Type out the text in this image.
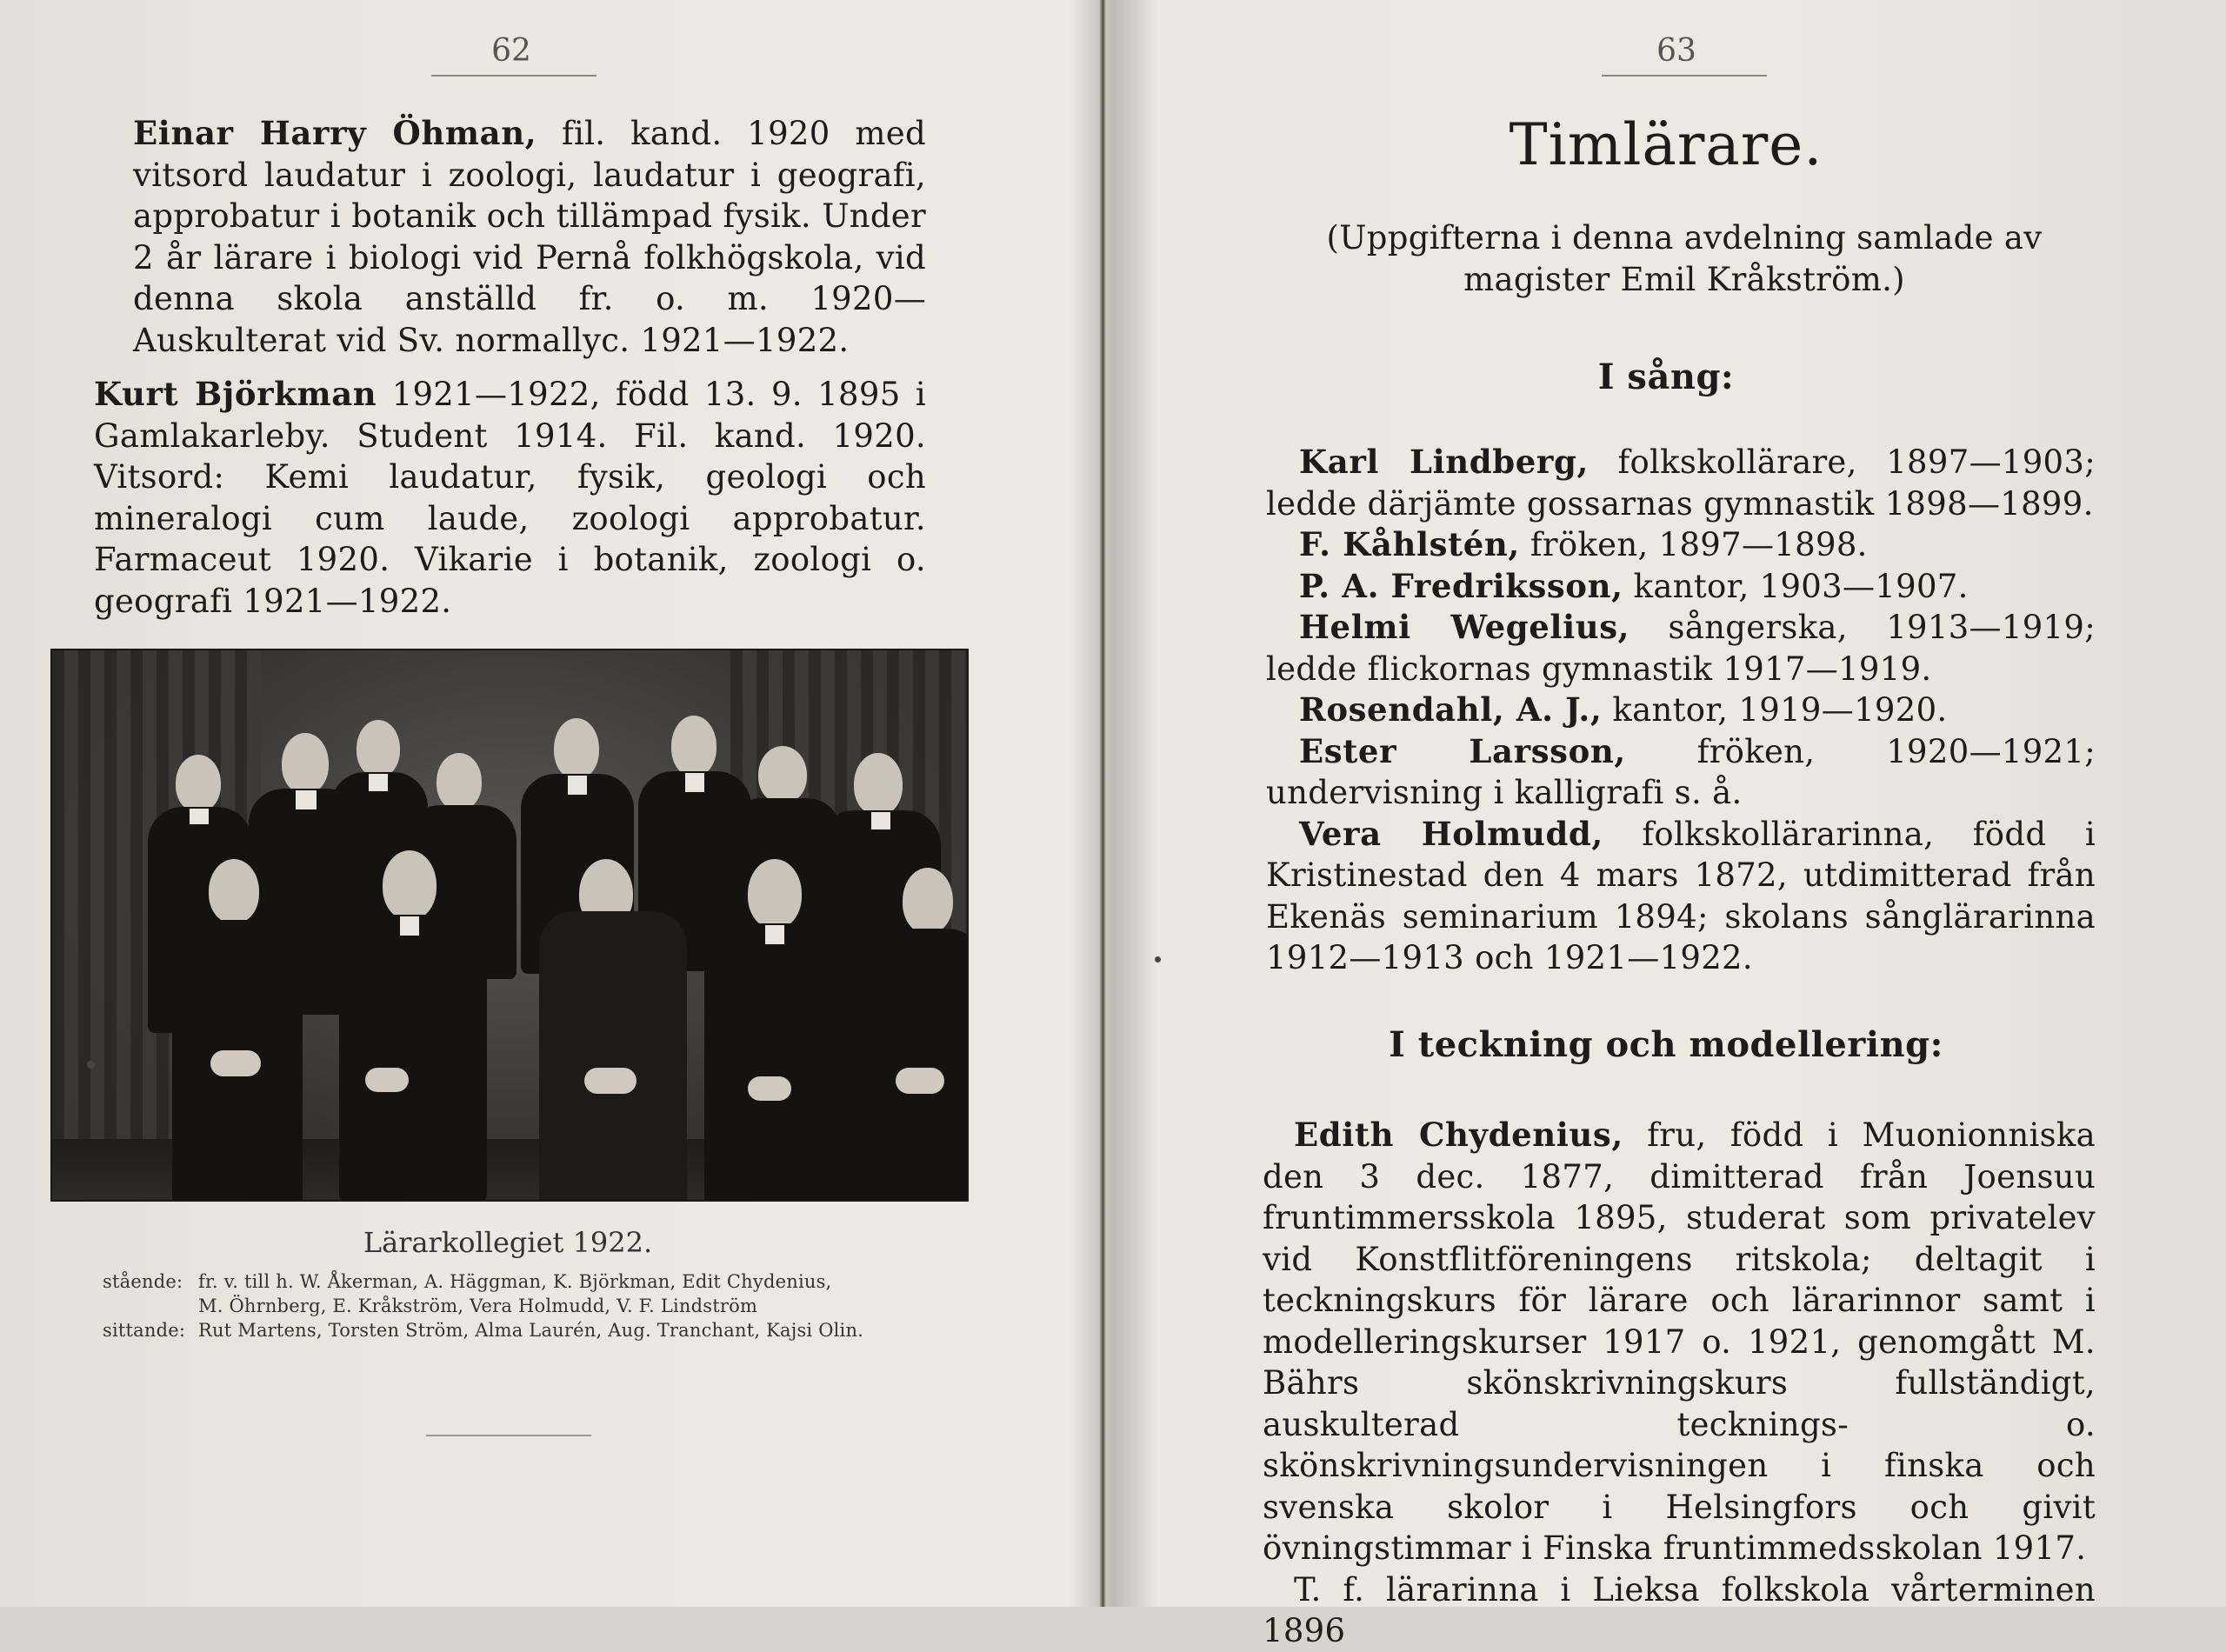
62
Einar Harry Öhman, fil. kand. 1920 med vitsord laudatur i zoologi, laudatur i geografi, approbatur i botanik och tillämpad fysik. Under 2 år lärare i biologi vid Pernå folkhögskola, vid denna skola anställd fr. o. m. 1920— Auskulterat vid Sv. normallyc. 1921—1922.
Kurt Björkman 1921—1922, född 13. 9. 1895 i Gamlakarleby. Student 1914. Fil. kand. 1920. Vitsord: Kemi laudatur, fysik, geologi och mineralogi cum laude, zoologi approbatur. Farmaceut 1920. Vikarie i botanik, zoologi o. geografi 1921—1922.
Lärarkollegiet 1922.
stående: fr. v. till h. W. Åkerman, A. Häggman, K. Björkman, Edit Chydenius,
M. Öhrnberg, E. Kråkström, Vera Holmudd, V. F. Lindström
sittande: Rut Martens, Torsten Ström, Alma Laurén, Aug. Tranchant, Kajsi Olin.
63
Timlärare.
(Uppgifterna i denna avdelning samlade av magister Emil Kråkström.)
I sång:
Karl Lindberg, folkskollärare, 1897—1903; ledde därjämte gossarnas gymnastik 1898—1899.
F. Kåhlstén, fröken, 1897—1898.
P. A. Fredriksson, kantor, 1903—1907.
Helmi Wegelius, sångerska, 1913—1919; ledde flickornas gymnastik 1917—1919.
Rosendahl, A. J., kantor, 1919—1920.
Ester Larsson, fröken, 1920—1921; undervisning i kalligrafi s. å.
Vera Holmudd, folkskollärarinna, född i Kristinestad den 4 mars 1872, utdimitterad från Ekenäs seminarium 1894; skolans sånglärarinna 1912—1913 och 1921—1922.
I teckning och modellering:
Edith Chydenius, fru, född i Muonionniska den 3 dec. 1877, dimitterad från Joensuu fruntimmersskola 1895, studerat som privatelev vid Konstflitföreningens ritskola; deltagit i teckningskurs för lärare och lärarinnor samt i modelleringskurser 1917 o. 1921, genomgått M. Bährs skönskrivningskurs fullständigt, auskulterad tecknings- o. skönskrivningsundervisningen i finska och svenska skolor i Helsingfors och givit övningstimmar i Finska fruntimmedsskolan 1917.
T. f. lärarinna i Lieksa folkskola vårterminen 1896
